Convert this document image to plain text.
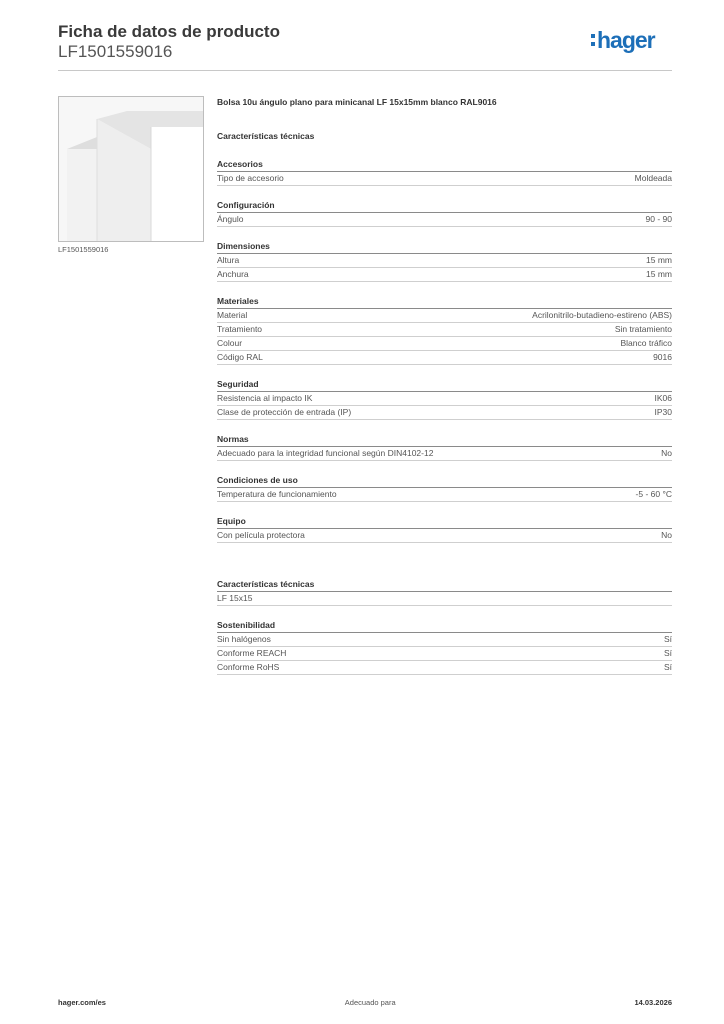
Ficha de datos de producto
LF1501559016	hager
LF1501559016
Bolsa 10u ángulo plano para minicanal LF 15x15mm blanco RAL9016
Características técnicas
Accesorios
Tipo de accesorio	Moldeada
Configuración
Ángulo	90 - 90
Dimensiones
Altura	15 mm
Anchura	15 mm
Materiales
Material	Acrilonitrilo-butadieno-estireno (ABS)
Tratamiento	Sin tratamiento
Colour	Blanco tráfico
Código RAL	9016
Seguridad
Resistencia al impacto IK	IK06
Clase de protección de entrada (IP)	IP30
Normas
Adecuado para la integridad funcional según DIN4102-12	No
Condiciones de uso
Temperatura de funcionamiento	-5 - 60 °C
Equipo
Con película protectora	No
Características técnicas
LF 15x15
Sostenibilidad
Sin halógenos	Sí
Conforme REACH	Sí
Conforme RoHS	Sí
hager.com/es	Adecuado para	14.03.2026
